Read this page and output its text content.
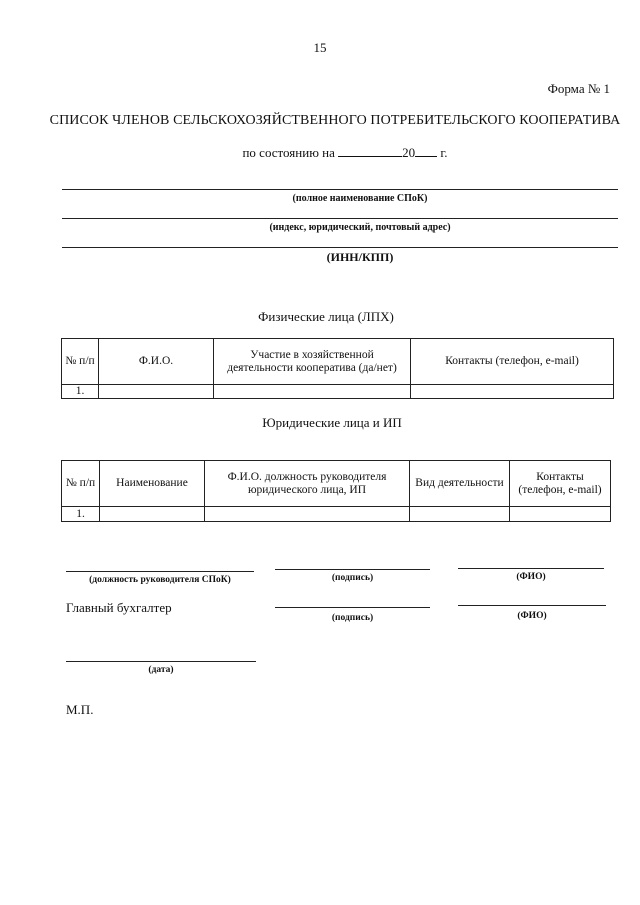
15
Форма № 1
СПИСОК ЧЛЕНОВ СЕЛЬСКОХОЗЯЙСТВЕННОГО ПОТРЕБИТЕЛЬСКОГО КООПЕРАТИВА
по состоянию на	20 г.
(полное наименование СПоК)
(индекс, юридический, почтовый адрес)
(ИНН/КПП)
Физические лица (ЛПХ)
№ п/п	Ф.И.О.	Участие в хозяйственной деятельности кооператива (да/нет)	Контакты (телефон, e-mail)
1.			
Юридические лица и ИП
№ п/п	Наименование	Ф.И.О. должность руководителя юридического лица, ИП	Вид деятельности	Контакты (телефон, e-mail)
1.				
(должность руководителя СПоК)	(подпись)	(ФИО)
Главный бухгалтер
(подпись)	(ФИО)
(дата)
М.П.
